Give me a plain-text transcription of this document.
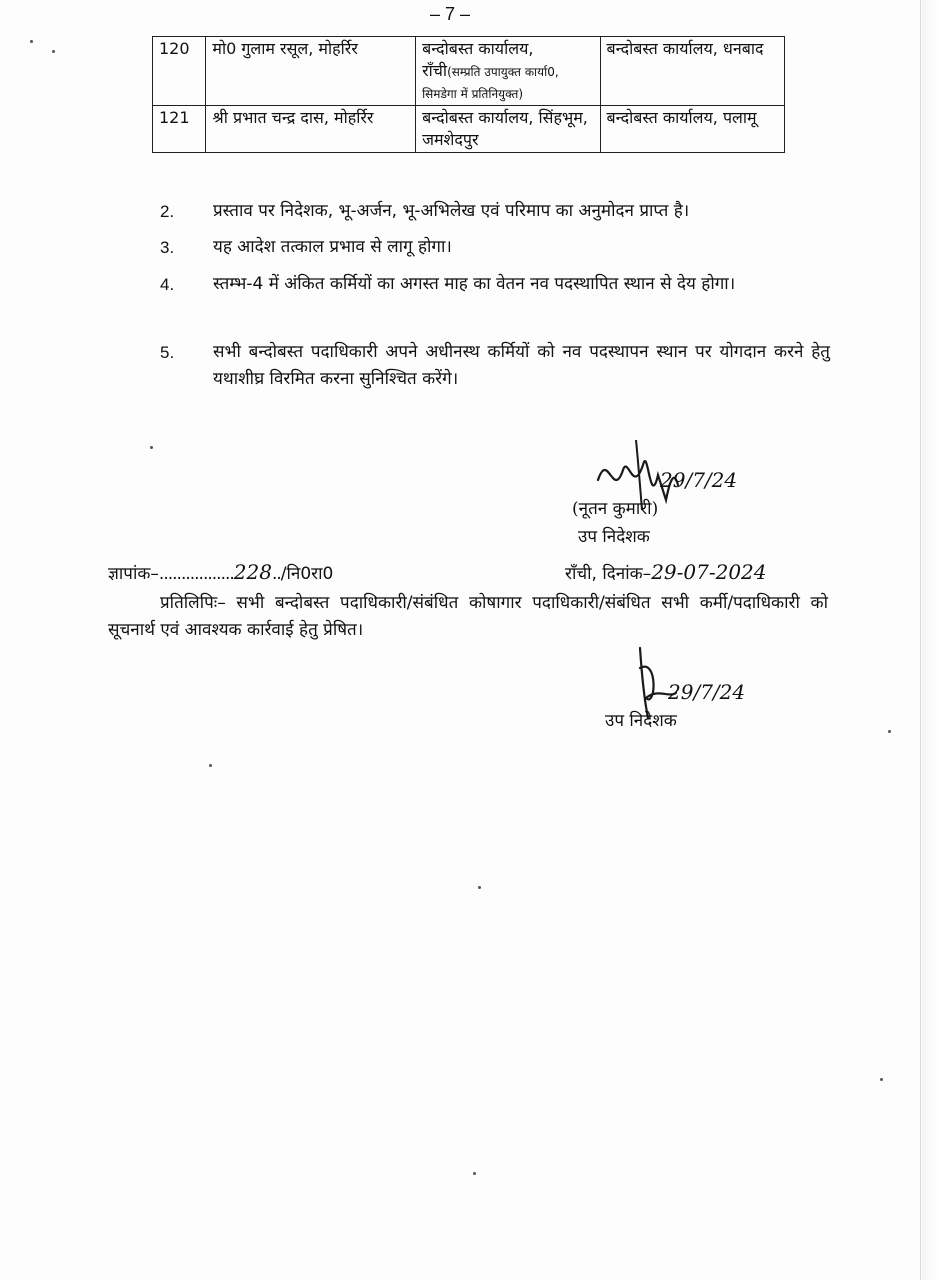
– 7 –
120	मो0 गुलाम रसूल, मोहर्रिर	बन्दोबस्त कार्यालय, राँची(सम्प्रति उपायुक्त कार्या0, सिमडेगा में प्रतिनियुक्त)	बन्दोबस्त कार्यालय, धनबाद
121	श्री प्रभात चन्द्र दास, मोहर्रिर	बन्दोबस्त कार्यालय, सिंहभूम, जमशेदपुर	बन्दोबस्त कार्यालय, पलामू
2.	प्रस्ताव पर निदेशक, भू-अर्जन, भू-अभिलेख एवं परिमाप का अनुमोदन प्राप्त है।
3.	यह आदेश तत्काल प्रभाव से लागू होगा।
4.	स्तम्भ-4 में अंकित कर्मियों का अगस्त माह का वेतन नव पदस्थापित स्थान से देय होगा।
5.	सभी बन्दोबस्त पदाधिकारी अपने अधीनस्थ कर्मियों को नव पदस्थापन स्थान पर योगदान करने हेतु यथाशीघ्र विरमित करना सुनिश्चित करेंगे।
29/7/24
(नूतन कुमारी)
उप निदेशक
ज्ञापांक–.................228../नि0रा0	राँची, दिनांक–29-07-2024
प्रतिलिपिः– सभी बन्दोबस्त पदाधिकारी/संबंधित कोषागार पदाधिकारी/संबंधित सभी कर्मी/पदाधिकारी को सूचनार्थ एवं आवश्यक कार्रवाई हेतु प्रेषित।
29/7/24
उप निदेशक
